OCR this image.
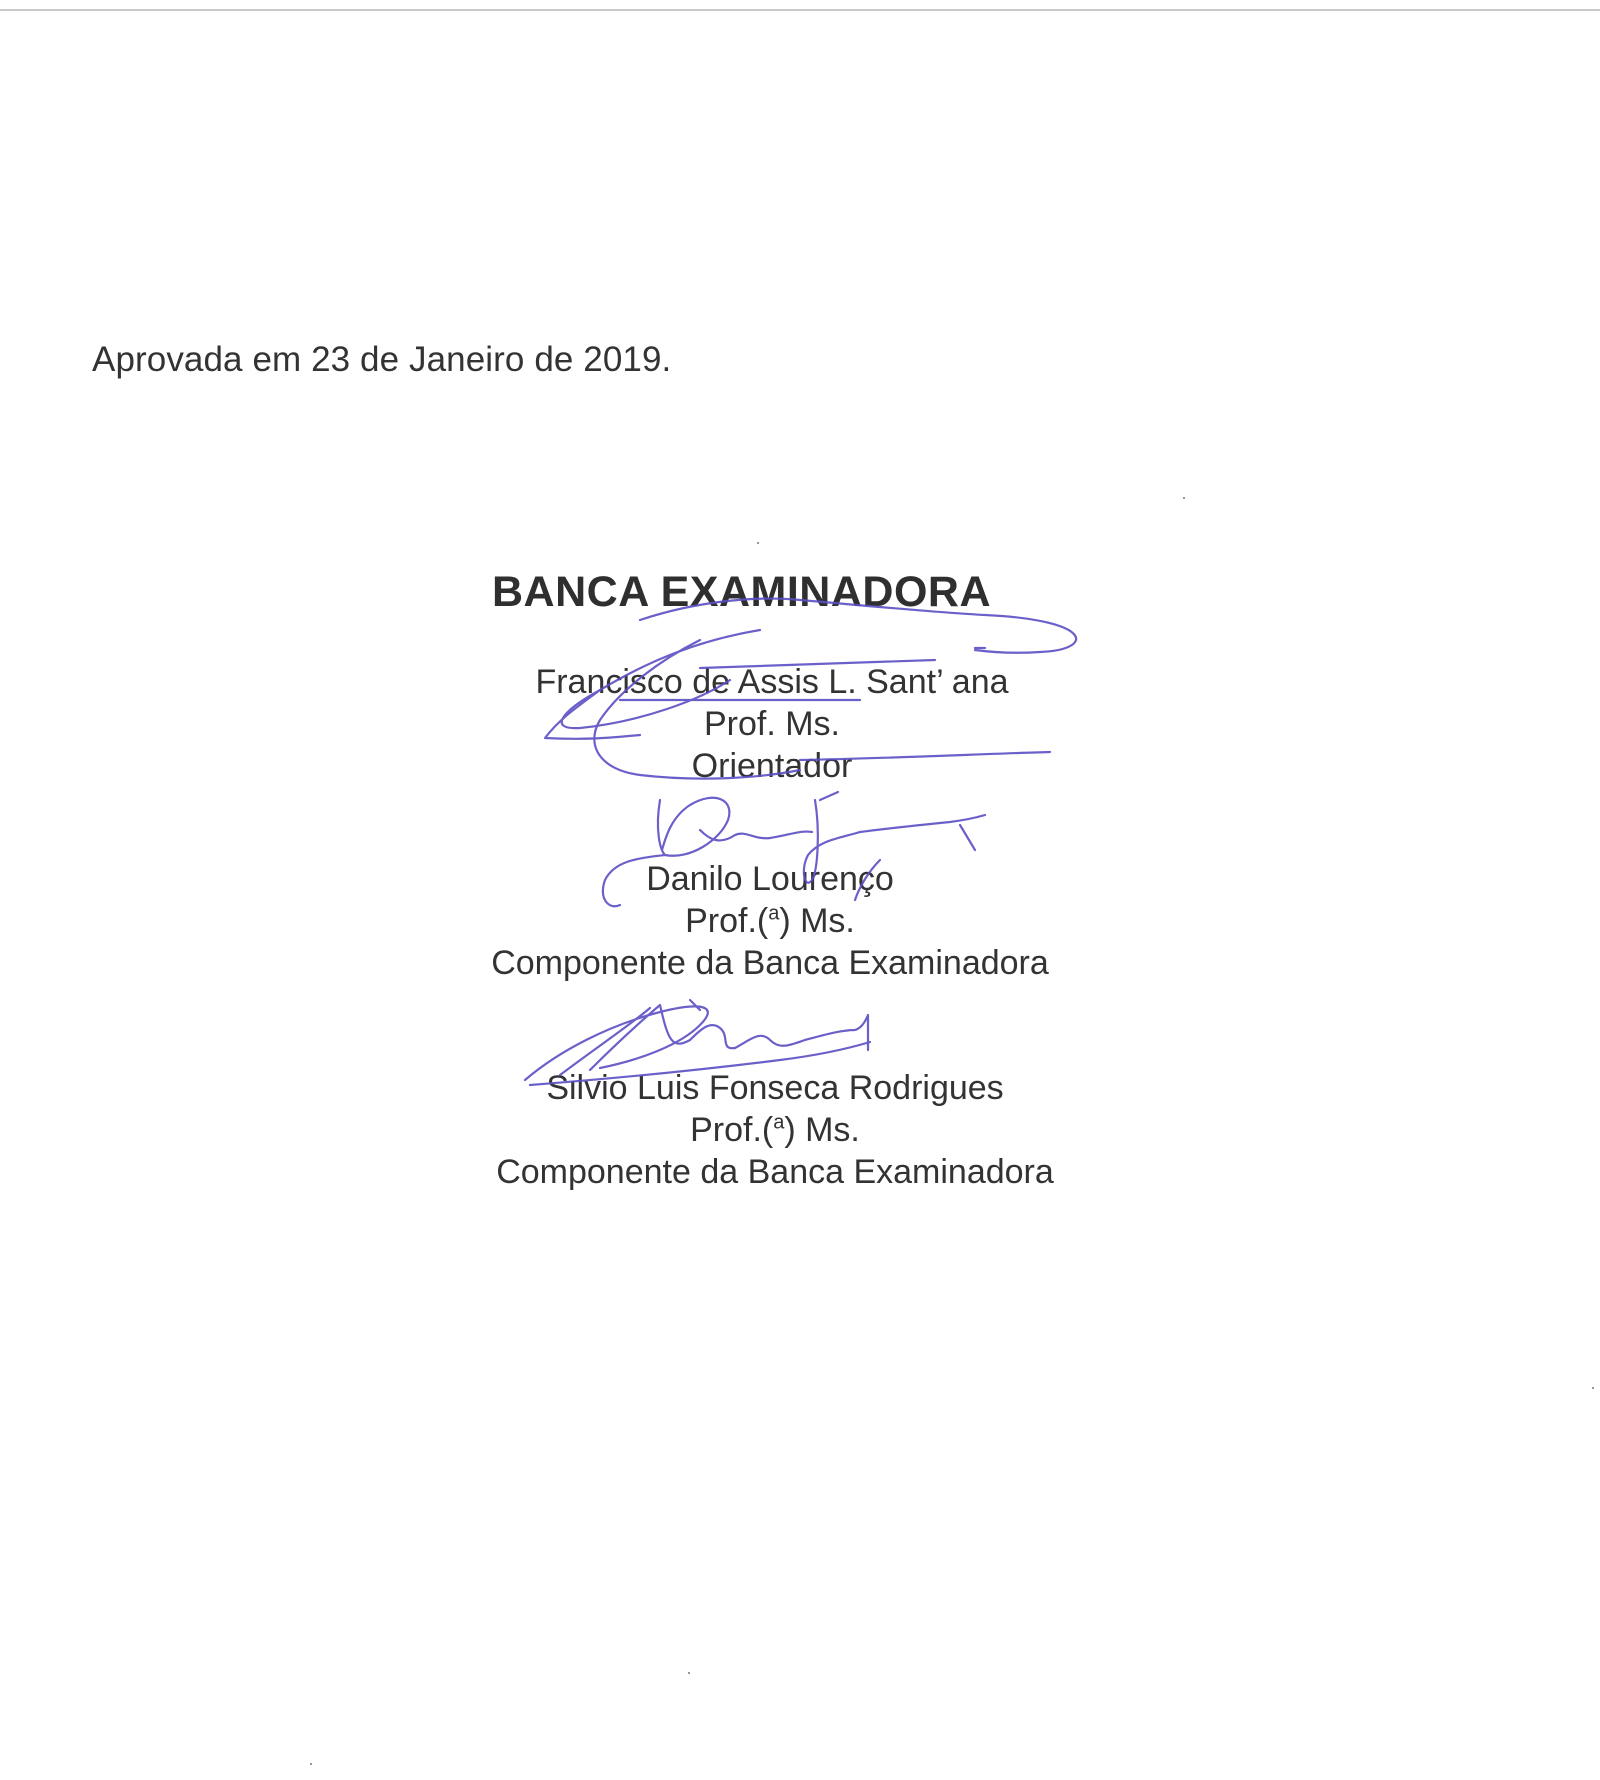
Aprovada em 23 de Janeiro de 2019.
BANCA EXAMINADORA
Francisco de Assis L. Sant’ ana
Prof. Ms.
Orientador
Danilo Lourenço
Prof.($^a$) Ms.
Componente da Banca Examinadora
Silvio Luis Fonseca Rodrigues
Prof.($^a$) Ms.
Componente da Banca Examinadora
